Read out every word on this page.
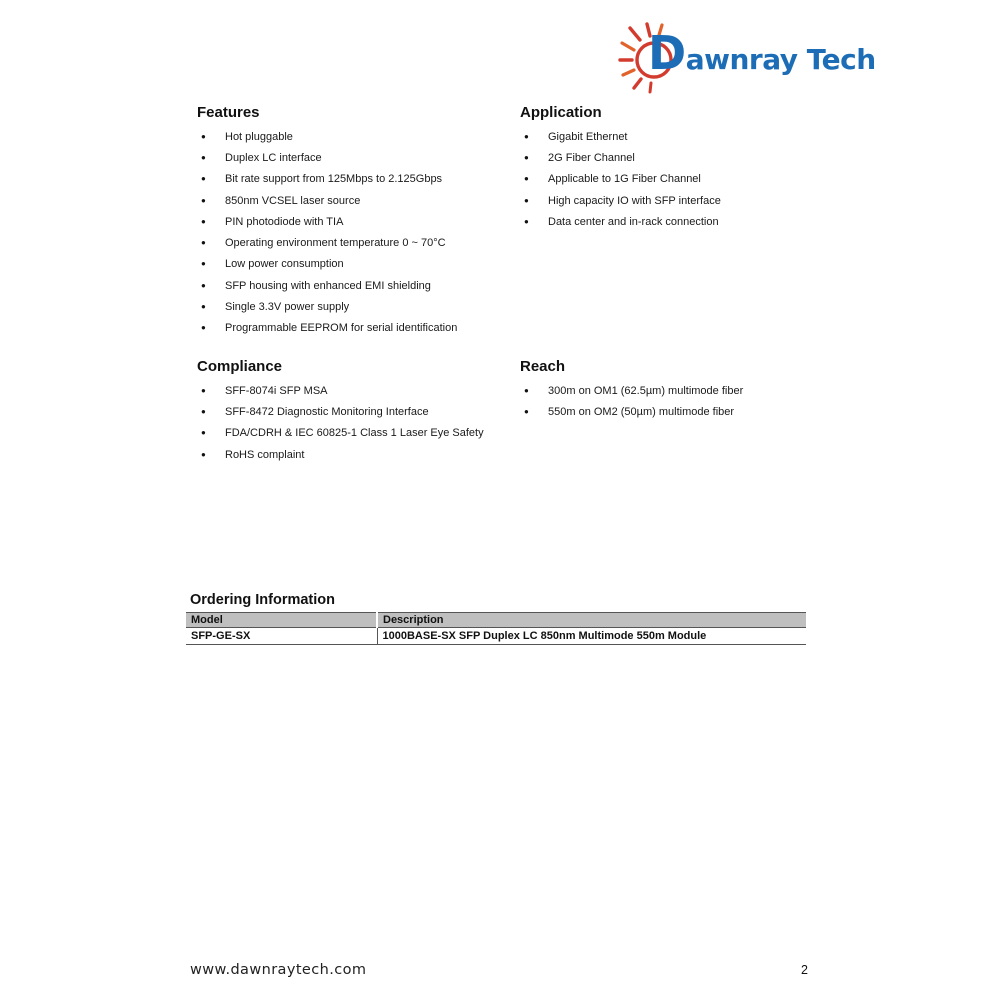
D awnray Tech
Features
●	Hot pluggable
●	Duplex LC interface
●	Bit rate support from 125Mbps to 2.125Gbps
●	850nm VCSEL laser source
●	PIN photodiode with TIA
●	Operating environment temperature 0 ~ 70°C
●	Low power consumption
●	SFP housing with enhanced EMI shielding
●	Single 3.3V power supply
●	Programmable EEPROM for serial identification
Application
●	Gigabit Ethernet
●	2G Fiber Channel
●	Applicable to 1G Fiber Channel
●	High capacity IO with SFP interface
●	Data center and in-rack connection
Compliance
●	SFF-8074i SFP MSA
●	SFF-8472 Diagnostic Monitoring Interface
●	FDA/CDRH & IEC 60825-1 Class 1 Laser Eye Safety
●	RoHS complaint
Reach
●	300m on OM1 (62.5µm) multimode fiber
●	550m on OM2 (50µm) multimode fiber
Ordering Information
Model	Description
SFP-GE-SX	1000BASE-SX SFP Duplex LC 850nm Multimode 550m Module
www.dawnraytech.com	2
